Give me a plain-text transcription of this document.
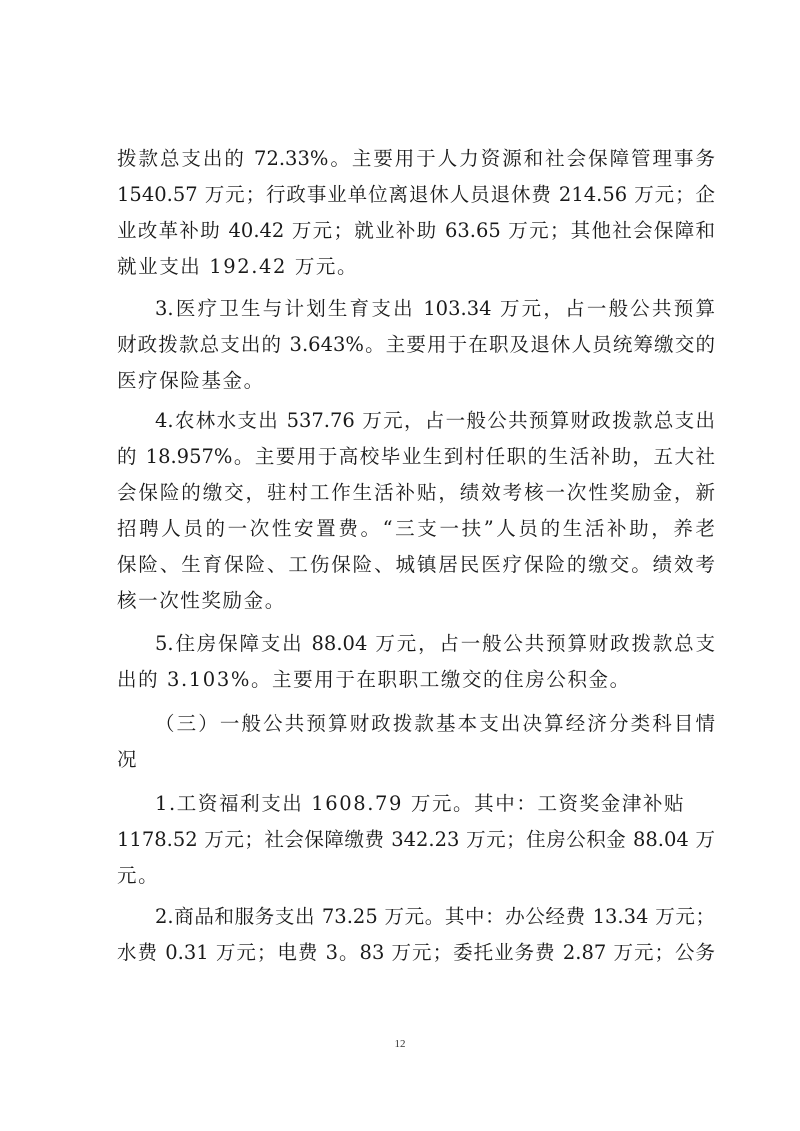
拨款总支出的 72.33%。主要用于人力资源和社会保障管理事务
1540.57 万元；行政事业单位离退休人员退休费 214.56 万元；企
业改革补助 40.42 万元；就业补助 63.65 万元；其他社会保障和
就业支出 192.42 万元。
3.医疗卫生与计划生育支出 103.34 万元，占一般公共预算
财政拨款总支出的 3.643%。主要用于在职及退休人员统筹缴交的
医疗保险基金。
4.农林水支出 537.76 万元，占一般公共预算财政拨款总支出
的 18.957%。主要用于高校毕业生到村任职的生活补助，五大社
会保险的缴交，驻村工作生活补贴，绩效考核一次性奖励金，新
招聘人员的一次性安置费。“三支一扶”人员的生活补助，养老
保险、生育保险、工伤保险、城镇居民医疗保险的缴交。绩效考
核一次性奖励金。
5.住房保障支出 88.04 万元，占一般公共预算财政拨款总支
出的 3.103%。主要用于在职职工缴交的住房公积金。
（三）一般公共预算财政拨款基本支出决算经济分类科目情
况
1.工资福利支出 1608.79 万元。其中：工资奖金津补贴
1178.52 万元；社会保障缴费 342.23 万元；住房公积金 88.04 万
元。
2.商品和服务支出 73.25 万元。其中：办公经费 13.34 万元；
水费 0.31 万元；电费 3。83 万元；委托业务费 2.87 万元；公务
12
